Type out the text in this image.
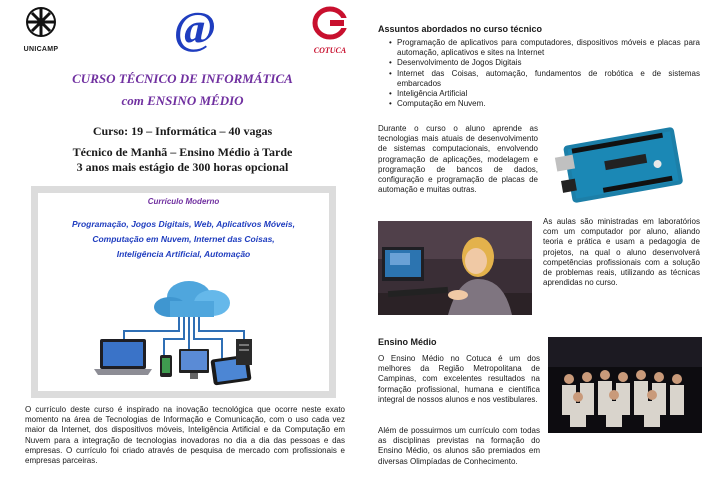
UNICAMP	@	COTUCA
CURSO TÉCNICO DE INFORMÁTICA
com ENSINO MÉDIO
Curso: 19 – Informática – 40 vagas
Técnico de Manhã – Ensino Médio à Tarde
3 anos mais estágio de 300 horas opcional
Currículo Moderno
Programação, Jogos Digitais, Web, Aplicativos Móveis,
Computação em Nuvem, Internet das Coisas,
Inteligência Artificial, Automação
O currículo deste curso é inspirado na inovação tecnológica que ocorre neste exato momento na área de Tecnologias de Informação e Comunicação, com o uso cada vez maior da Internet, dos dispositivos móveis, Inteligência Artificial e da Computação em Nuvem para a integração de tecnologias inovadoras no dia a dia das pessoas e das empresas. O currículo foi criado através de pesquisa de mercado com profissionais e empresas parceiras.
Assuntos abordados no curso técnico
• Programação de aplicativos para computadores, dispositivos móveis e placas para automação, aplicativos e sites na Internet
• Desenvolvimento de Jogos Digitais
• Internet das Coisas, automação, fundamentos de robótica e de sistemas embarcados
• Inteligência Artificial
• Computação em Nuvem.
Durante o curso o aluno aprende as tecnologias mais atuais de desenvolvimento de sistemas computacionais, envolvendo programação de aplicações, modelagem e programação de bancos de dados, configuração e programação de placas de automação e muitas outras.
As aulas são ministradas em laboratórios com um computador por aluno, aliando teoria e prática e usam a pedagogia de projetos, na qual o aluno desenvolverá competências profissionais com a solução de problemas reais, utilizando as técnicas aprendidas no curso.
Ensino Médio
O Ensino Médio no Cotuca é um dos melhores da Região Metropolitana de Campinas, com excelentes resultados na formação profissional, humana e científica integral de nossos alunos e nos vestibulares.
Além de possuirmos um currículo com todas as disciplinas previstas na formação do Ensino Médio, os alunos são premiados em diversas Olimpíadas de Conhecimento.
